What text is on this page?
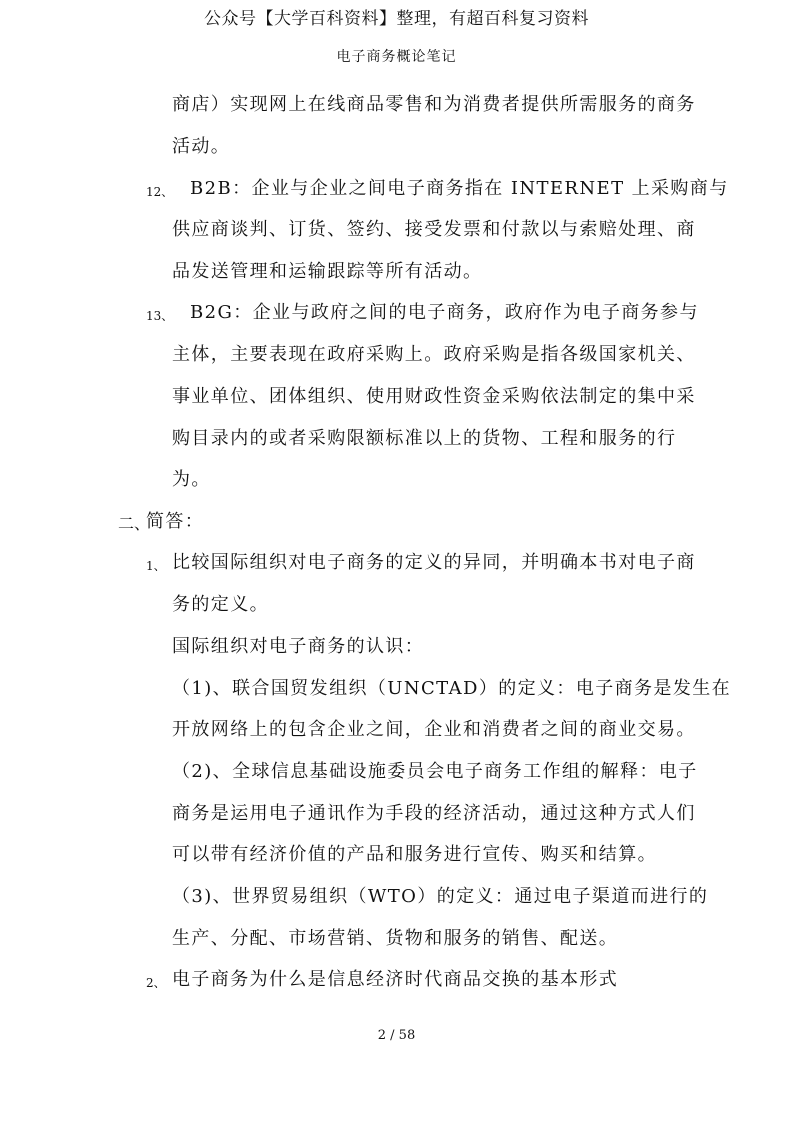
公众号【大学百科资料】整理，有超百科复习资料
电子商务概论笔记
商店）实现网上在线商品零售和为消费者提供所需服务的商务
活动。
12、 B2B：企业与企业之间电子商务指在 INTERNET 上采购商与
供应商谈判、订货、签约、接受发票和付款以与索赔处理、商
品发送管理和运输跟踪等所有活动。
13、 B2G：企业与政府之间的电子商务，政府作为电子商务参与
主体，主要表现在政府采购上。政府采购是指各级国家机关、
事业单位、团体组织、使用财政性资金采购依法制定的集中采
购目录内的或者采购限额标准以上的货物、工程和服务的行
为。
二、
简答：
1、 比较国际组织对电子商务的定义的异同，并明确本书对电子商
务的定义。
国际组织对电子商务的认识：
（1)、联合国贸发组织（UNCTAD）的定义：电子商务是发生在
开放网络上的包含企业之间，企业和消费者之间的商业交易。
（2)、全球信息基础设施委员会电子商务工作组的解释：电子
商务是运用电子通讯作为手段的经济活动，通过这种方式人们
可以带有经济价值的产品和服务进行宣传、购买和结算。
（3)、世界贸易组织（WTO）的定义：通过电子渠道而进行的
生产、分配、市场营销、货物和服务的销售、配送。
2、 电子商务为什么是信息经济时代商品交换的基本形式
2 / 58
